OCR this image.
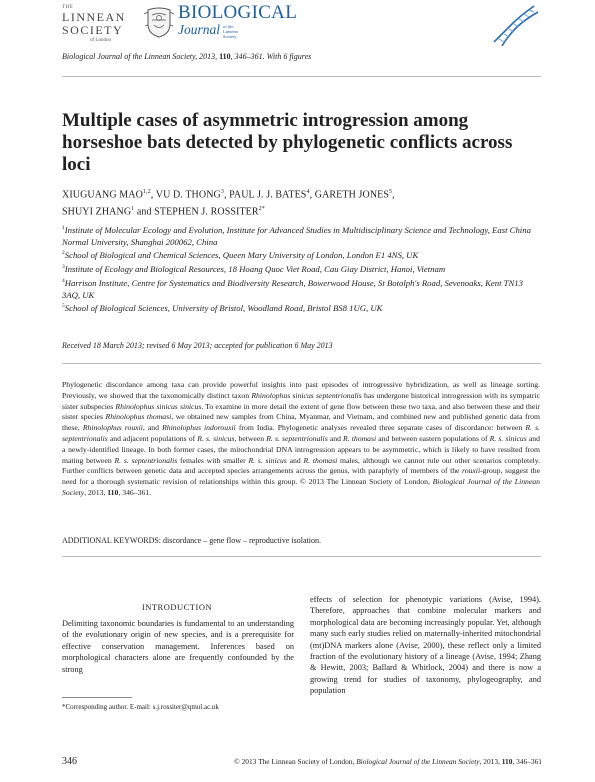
THE
LINNEAN
SOCIETY
of London
BIOLOGICAL
Journal of the
Linnean
Society
Biological Journal of the Linnean Society, 2013, 110, 346–361. With 6 figures
Multiple cases of asymmetric introgression among horseshoe bats detected by phylogenetic conflicts across loci
XIUGUANG MAO$^{1,2}$, VU D. THONG$^3$, PAUL J. J. BATES$^4$, GARETH JONES$^5$,
SHUYI ZHANG$^1$ and STEPHEN J. $ROSSITER^{2*}$

$^1$Institute of Molecular Ecology and Evolution, Institute for Advanced Studies in Multidisciplinary Science and Technology, East China Normal University, Shanghai 200062, China

$^2$School of Biological and Chemical Sciences, Queen Mary University of London, London E1 4NS, UK

$^3$Institute of Ecology and Biological Resources, 18 Hoang Quoc Viet Road, Cau Giay District, Hanoi, Vietnam

$^4$Harrison Institute, Centre for Systematics and Biodiversity Research, Bowerwood House, St Botolph's Road, Sevenoaks, Kent TN13 3AQ, UK

$^5$School of Biological Sciences, University of Bristol, Woodland Road, Bristol BS8 1UG, UK

Received 18 March 2013; revised 6 May 2013; accepted for publication 6 May 2013
Phylogenetic discordance among taxa can provide powerful insights into past episodes of introgressive hybridization, as well as lineage sorting. Previously, we showed that the taxonomically distinct taxon Rhinolophus sinicus septentrionalis has undergone historical introgression with its sympatric sister subspecies Rhinolophus sinicus sinicus. To examine in more detail the extent of gene flow between these two taxa, and also between these and their sister species Rhinolophus thomasi, we obtained new samples from China, Myanmar, and Vietnam, and combined new and published genetic data from these, Rhinolophus rouxii, and Rhinolophus indorouxii from India. Phylogenetic analyses revealed three separate cases of discordance: between R. s. septentrionalis and adjacent populations of R. s. sinicus, between R. s. septentrionalis and R. thomasi and between eastern populations of R. s. sinicus and a newly-identified lineage. In both former cases, the mitochondrial DNA introgression appears to be asymmetric, which is likely to have resulted from mating between R. s. septentrionalis females with smaller R. s. sinicus and R. thomasi males, although we cannot rule out other scenarios completely. Further conflicts between genetic data and accepted species arrangements across the genus, with paraphyly of members of the rouxii-group, suggest the need for a thorough systematic revision of relationships within this group. © 2013 The Linnean Society of London, Biological Journal of the Linnean Society, 2013, 110, 346–361.
ADDITIONAL KEYWORDS: discordance – gene flow – reproductive isolation.
INTRODUCTION
Delimiting taxonomic boundaries is fundamental to an understanding of the evolutionary origin of new species, and is a prerequisite for effective conservation management. Inferences based on morphological characters alone are frequently confounded by the strong
effects of selection for phenotypic variations (Avise, 1994). Therefore, approaches that combine molecular markers and morphological data are becoming increasingly popular. Yet, although many such early studies relied on maternally-inherited mitochondrial (mt)DNA markers alone (Avise, 2000), these reflect only a limited fraction of the evolutionary history of a lineage (Avise, 1994; Zhang & Hewitt, 2003; Ballard & Whitlock, 2004) and there is now a growing trend for studies of taxonomy, phylogeography, and population
*Corresponding author. E-mail: s.j.rossiter@qmul.ac.uk
346	© 2013 The Linnean Society of London, Biological Journal of the Linnean Society, 2013, 110, 346–361
